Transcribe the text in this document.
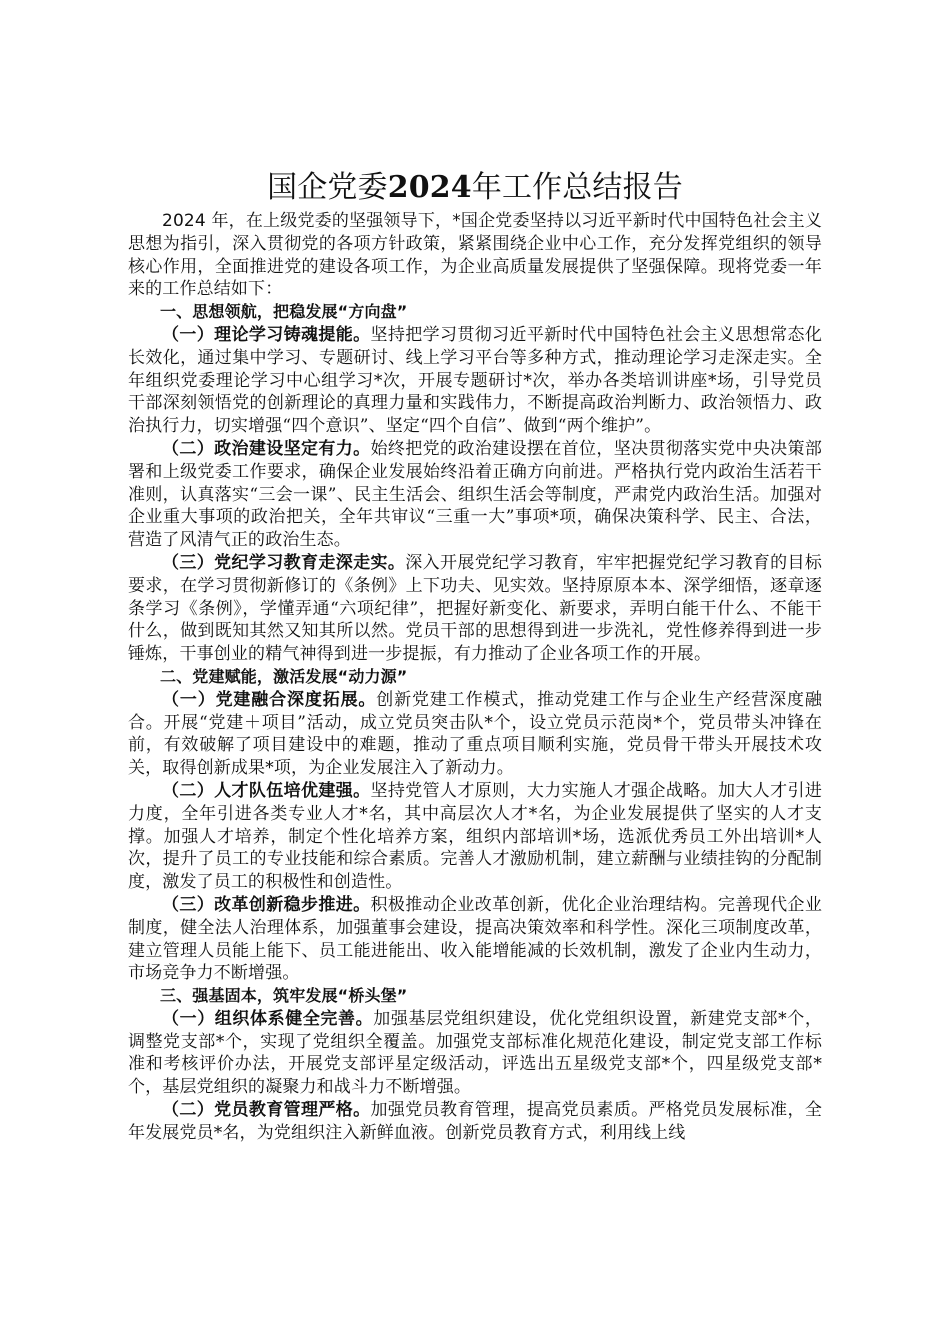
国企党委2024年工作总结报告

2024 年，在上级党委的坚强领导下，*国企党委坚持以习近平新时代中国特色社会主义思想为指引，深入贯彻党的各项方针政策，紧紧围绕企业中心工作，充分发挥党组织的领导核心作用，全面推进党的建设各项工作，为企业高质量发展提供了坚强保障。现将党委一年来的工作总结如下：

一、思想领航，把稳发展“方向盘”

（一）理论学习铸魂提能。坚持把学习贯彻习近平新时代中国特色社会主义思想常态化长效化，通过集中学习、专题研讨、线上学习平台等多种方式，推动理论学习走深走实。全年组织党委理论学习中心组学习*次，开展专题研讨*次，举办各类培训讲座*场，引导党员干部深刻领悟党的创新理论的真理力量和实践伟力，不断提高政治判断力、政治领悟力、政治执行力，切实增强“四个意识”、坚定“四个自信”、做到“两个维护”。

（二）政治建设坚定有力。始终把党的政治建设摆在首位，坚决贯彻落实党中央决策部署和上级党委工作要求，确保企业发展始终沿着正确方向前进。严格执行党内政治生活若干准则，认真落实“三会一课”、民主生活会、组织生活会等制度，严肃党内政治生活。加强对企业重大事项的政治把关，全年共审议“三重一大”事项*项，确保决策科学、民主、合法，营造了风清气正的政治生态。

（三）党纪学习教育走深走实。深入开展党纪学习教育，牢牢把握党纪学习教育的目标要求，在学习贯彻新修订的《条例》上下功夫、见实效。坚持原原本本、深学细悟，逐章逐条学习《条例》，学懂弄通“六项纪律”，把握好新变化、新要求，弄明白能干什么、不能干什么，做到既知其然又知其所以然。党员干部的思想得到进一步洗礼，党性修养得到进一步锤炼，干事创业的精气神得到进一步提振，有力推动了企业各项工作的开展。

二、党建赋能，激活发展“动力源”

（一）党建融合深度拓展。创新党建工作模式，推动党建工作与企业生产经营深度融合。开展“党建＋项目”活动，成立党员突击队*个，设立党员示范岗*个，党员带头冲锋在前，有效破解了项目建设中的难题，推动了重点项目顺利实施，党员骨干带头开展技术攻关，取得创新成果*项，为企业发展注入了新动力。

（二）人才队伍培优建强。坚持党管人才原则，大力实施人才强企战略。加大人才引进力度，全年引进各类专业人才*名，其中高层次人才*名，为企业发展提供了坚实的人才支撑。加强人才培养，制定个性化培养方案，组织内部培训*场，选派优秀员工外出培训*人次，提升了员工的专业技能和综合素质。完善人才激励机制，建立薪酬与业绩挂钩的分配制度，激发了员工的积极性和创造性。

（三）改革创新稳步推进。积极推动企业改革创新，优化企业治理结构。完善现代企业制度，健全法人治理体系，加强董事会建设，提高决策效率和科学性。深化三项制度改革，建立管理人员能上能下、员工能进能出、收入能增能减的长效机制，激发了企业内生动力，市场竞争力不断增强。

三、强基固本，筑牢发展“桥头堡”

（一）组织体系健全完善。加强基层党组织建设，优化党组织设置，新建党支部*个，调整党支部*个，实现了党组织全覆盖。加强党支部标准化规范化建设，制定党支部工作标准和考核评价办法，开展党支部评星定级活动，评选出五星级党支部*个，四星级党支部*个，基层党组织的凝聚力和战斗力不断增强。

（二）党员教育管理严格。加强党员教育管理，提高党员素质。严格党员发展标准，全年发展党员*名，为党组织注入新鲜血液。创新党员教育方式，利用线上线
